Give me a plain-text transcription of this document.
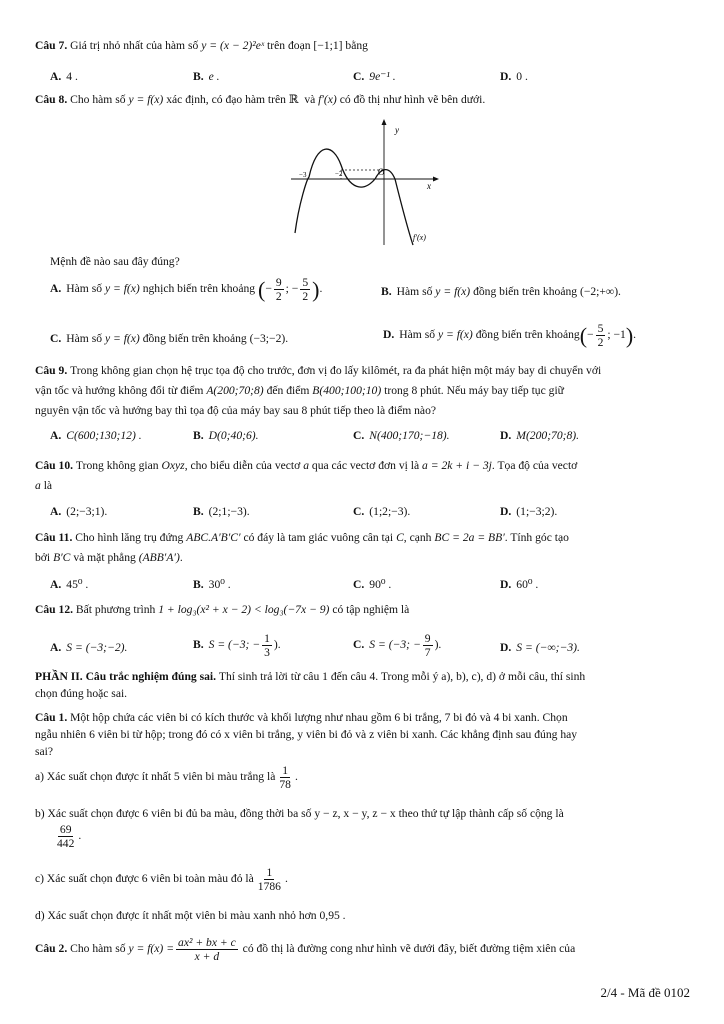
Câu 7.
Giá trị nhỏ nhất của hàm số
y = (x − 2)²eˣ
trên đoạn
[−1;1]
bằng
A. 4 .	B. e .	C. 9e⁻¹ .	D. 0 .
Câu 8.
Cho hàm số
y = f(x)
xác định, có đạo hàm trên
ℝ
và
f′(x)
có đồ thị như hình vẽ bên dưới.
y
x
−3	−2	O
f′(x)
Mệnh đề nào sau đây đúng?
A. Hàm số
y = f(x)
nghịch biến trên khoảng
( − $\frac{9}{2}$ ; − $\frac{5}{2}$ ) .	B. Hàm số
y = f(x)
đồng biến trên khoảng
(−2;+∞).
C. Hàm số
y = f(x)
đồng biến trên khoảng
(−3;−2).	D. Hàm số
y = f(x)
đồng biến trên khoảng ( − $\frac{5}{2}$ ; −1 ) .
Câu 9. Trong không gian chọn hệ trục tọa độ cho trước, đơn vị đo lấy kilômét, ra đa phát hiện một máy bay di chuyển với
vận tốc và hướng không đổi từ điểm
A(200;70;8)
đến điểm
B(400;100;10)
trong 8 phút. Nếu máy bay tiếp tục giữ
nguyên vận tốc và hướng bay thì tọa độ của máy bay sau 8 phút tiếp theo là điểm nào?
A. C(600;130;12) .	B. D(0;40;6).	C. N(400;170;−18).	D. M(200;70;8).
Câu 10.
Trong không gian
Oxyz , cho biểu diễn của vectơ
a
qua các vectơ đơn vị là
a = 2k + i − 3j . Tọa độ của vectơ
a
là
A. (2;−3;1).	B. (2;1;−3).	C. (1;2;−3).	D. (1;−3;2).
Câu 11.
Cho hình lăng trụ đứng
ABC.A′B′C′
có đáy là tam giác vuông cân tại
C , cạnh
BC = 2a = BB′ . Tính góc tạo
bởi
B′C
và mặt phẳng
(ABB′A′) .
A. 45⁰ .	B. 30⁰ .	C. 90⁰ .	D. 60⁰ .
Câu 12.
Bất phương trình
1 + log₃(x² + x − 2) < log₃(−7x − 9)
có tập nghiệm là
A. S = (−3;−2).	B. S = (−3; − $\frac{1}{3}$ ).	C. S = (−3; − $\frac{9}{7}$ ).	D. S = (−∞;−3).
PHẦN II. Câu trắc nghiệm đúng sai. Thí sinh trả lời từ câu 1 đến câu 4. Trong mỗi ý a), b), c), d) ở mỗi câu, thí sinh
chọn đúng hoặc sai.
Câu 1. Một hộp chứa các viên bi có kích thước và khối lượng như nhau gồm 6 bi trắng, 7 bi đỏ và 4 bi xanh. Chọn
ngẫu nhiên 6 viên bi từ hộp; trong đó có x viên bi trắng, y viên bi đỏ và z viên bi xanh. Các khẳng định sau đúng hay
sai?
a) Xác suất chọn được ít nhất 5 viên bi màu trắng là $\frac{1}{78}$ .
b) Xác suất chọn được 6 viên bi đủ ba màu, đồng thời ba số y − z, x − y, z − x theo thứ tự lập thành cấp số cộng là
$\frac{69}{442}$ .
c) Xác suất chọn được 6 viên bi toàn màu đỏ là $\frac{1}{1786}$ .
d) Xác suất chọn được ít nhất một viên bi màu xanh nhỏ hơn 0,95 .
Câu 2.
Cho hàm số
$y = f(x) = \frac{\text{ax² + bx + c}}{x + d}$
có đồ thị là đường cong như hình vẽ dưới đây, biết đường tiệm xiên của
2/4 - Mã đề 0102
